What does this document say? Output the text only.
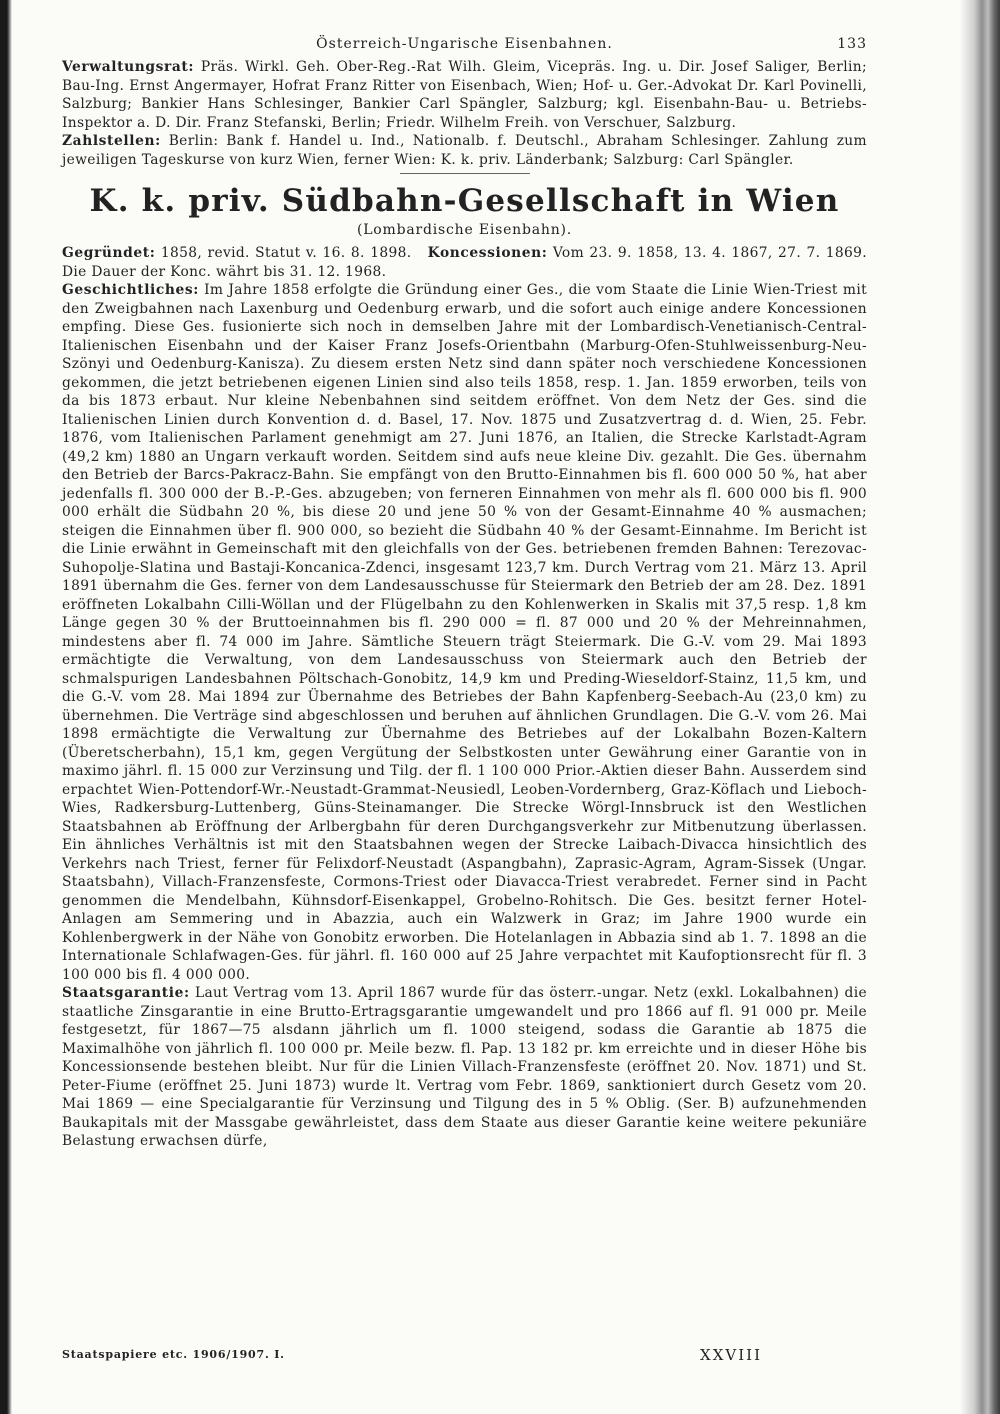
Österreich-Ungarische Eisenbahnen.	133

Verwaltungsrat: Präs. Wirkl. Geh. Ober-Reg.-Rat Wilh. Gleim, Vicepräs. Ing. u. Dir. Josef Saliger, Berlin; Bau-Ing. Ernst Angermayer, Hofrat Franz Ritter von Eisenbach, Wien; Hof- u. Ger.-Advokat Dr. Karl Povinelli, Salzburg; Bankier Hans Schlesinger, Bankier Carl Spängler, Salzburg; kgl. Eisenbahn-Bau- u. Betriebs-Inspektor a. D. Dir. Franz Stefanski, Berlin; Friedr. Wilhelm Freih. von Verschuer, Salzburg.

Zahlstellen: Berlin: Bank f. Handel u. Ind., Nationalb. f. Deutschl., Abraham Schlesinger. Zahlung zum jeweiligen Tageskurse von kurz Wien, ferner Wien: K. k. priv. Länderbank; Salzburg: Carl Spängler.

K. k. priv. Südbahn-Gesellschaft in Wien
(Lombardische Eisenbahn).

Gegründet: 1858, revid. Statut v. 16. 8. 1898. Koncessionen: Vom 23. 9. 1858, 13. 4. 1867, 27. 7. 1869. Die Dauer der Konc. währt bis 31. 12. 1968.

Geschichtliches: Im Jahre 1858 erfolgte die Gründung einer Ges., die vom Staate die Linie Wien-Triest mit den Zweigbahnen nach Laxenburg und Oedenburg erwarb, und die sofort auch einige andere Koncessionen empfing. Diese Ges. fusionierte sich noch in demselben Jahre mit der Lombardisch-Venetianisch-Central-Italienischen Eisenbahn und der Kaiser Franz Josefs-Orientbahn (Marburg-Ofen-Stuhlweissenburg-Neu-Szönyi und Oedenburg-Kanisza). Zu diesem ersten Netz sind dann später noch verschiedene Koncessionen gekommen, die jetzt betriebenen eigenen Linien sind also teils 1858, resp. 1. Jan. 1859 erworben, teils von da bis 1873 erbaut. Nur kleine Nebenbahnen sind seitdem eröffnet. Von dem Netz der Ges. sind die Italienischen Linien durch Konvention d. d. Basel, 17. Nov. 1875 und Zusatzvertrag d. d. Wien, 25. Febr. 1876, vom Italienischen Parlament genehmigt am 27. Juni 1876, an Italien, die Strecke Karlstadt-Agram (49,2 km) 1880 an Ungarn verkauft worden. Seitdem sind aufs neue kleine Div. gezahlt. Die Ges. übernahm den Betrieb der Barcs-Pakracz-Bahn. Sie empfängt von den Brutto-Einnahmen bis fl. 600 000 50 %, hat aber jedenfalls fl. 300 000 der B.-P.-Ges. abzugeben; von ferneren Einnahmen von mehr als fl. 600 000 bis fl. 900 000 erhält die Südbahn 20 %, bis diese 20 und jene 50 % von der Gesamt-Einnahme 40 % ausmachen; steigen die Einnahmen über fl. 900 000, so bezieht die Südbahn 40 % der Gesamt-Einnahme. Im Bericht ist die Linie erwähnt in Gemeinschaft mit den gleichfalls von der Ges. betriebenen fremden Bahnen: Terezovac-Suhopolje-Slatina und Bastaji-Koncanica-Zdenci, insgesamt 123,7 km. Durch Vertrag vom 21. März 13. April 1891 übernahm die Ges. ferner von dem Landesausschusse für Steiermark den Betrieb der am 28. Dez. 1891 eröffneten Lokalbahn Cilli-Wöllan und der Flügelbahn zu den Kohlenwerken in Skalis mit 37,5 resp. 1,8 km Länge gegen 30 % der Bruttoeinnahmen bis fl. 290 000 = fl. 87 000 und 20 % der Mehreinnahmen, mindestens aber fl. 74 000 im Jahre. Sämtliche Steuern trägt Steiermark. Die G.-V. vom 29. Mai 1893 ermächtigte die Verwaltung, von dem Landesausschuss von Steiermark auch den Betrieb der schmalspurigen Landesbahnen Pöltschach-Gonobitz, 14,9 km und Preding-Wieseldorf-Stainz, 11,5 km, und die G.-V. vom 28. Mai 1894 zur Übernahme des Betriebes der Bahn Kapfenberg-Seebach-Au (23,0 km) zu übernehmen. Die Verträge sind abgeschlossen und beruhen auf ähnlichen Grundlagen. Die G.-V. vom 26. Mai 1898 ermächtigte die Verwaltung zur Übernahme des Betriebes auf der Lokalbahn Bozen-Kaltern (Überetscherbahn), 15,1 km, gegen Vergütung der Selbstkosten unter Gewährung einer Garantie von in maximo jährl. fl. 15 000 zur Verzinsung und Tilg. der fl. 1 100 000 Prior.-Aktien dieser Bahn. Ausserdem sind erpachtet Wien-Pottendorf-Wr.-Neustadt-Grammat-Neusiedl, Leoben-Vordernberg, Graz-Köflach und Lieboch-Wies, Radkersburg-Luttenberg, Güns-Steinamanger. Die Strecke Wörgl-Innsbruck ist den Westlichen Staatsbahnen ab Eröffnung der Arlbergbahn für deren Durchgangsverkehr zur Mitbenutzung überlassen. Ein ähnliches Verhältnis ist mit den Staatsbahnen wegen der Strecke Laibach-Divacca hinsichtlich des Verkehrs nach Triest, ferner für Felixdorf-Neustadt (Aspangbahn), Zaprasic-Agram, Agram-Sissek (Ungar. Staatsbahn), Villach-Franzensfeste, Cormons-Triest oder Diavacca-Triest verabredet. Ferner sind in Pacht genommen die Mendelbahn, Kühnsdorf-Eisenkappel, Grobelno-Rohitsch. Die Ges. besitzt ferner Hotel-Anlagen am Semmering und in Abazzia, auch ein Walzwerk in Graz; im Jahre 1900 wurde ein Kohlenbergwerk in der Nähe von Gonobitz erworben. Die Hotelanlagen in Abbazia sind ab 1. 7. 1898 an die Internationale Schlafwagen-Ges. für jährl. fl. 160 000 auf 25 Jahre verpachtet mit Kaufoptionsrecht für fl. 3 100 000 bis fl. 4 000 000.

Staatsgarantie: Laut Vertrag vom 13. April 1867 wurde für das österr.-ungar. Netz (exkl. Lokalbahnen) die staatliche Zinsgarantie in eine Brutto-Ertragsgarantie umgewandelt und pro 1866 auf fl. 91 000 pr. Meile festgesetzt, für 1867—75 alsdann jährlich um fl. 1000 steigend, sodass die Garantie ab 1875 die Maximalhöhe von jährlich fl. 100 000 pr. Meile bezw. fl. Pap. 13 182 pr. km erreichte und in dieser Höhe bis Koncessionsende bestehen bleibt. Nur für die Linien Villach-Franzensfeste (eröffnet 20. Nov. 1871) und St. Peter-Fiume (eröffnet 25. Juni 1873) wurde lt. Vertrag vom Febr. 1869, sanktioniert durch Gesetz vom 20. Mai 1869 — eine Specialgarantie für Verzinsung und Tilgung des in 5 % Oblig. (Ser. B) aufzunehmenden Baukapitals mit der Massgabe gewährleistet, dass dem Staate aus dieser Garantie keine weitere pekuniäre Belastung erwachsen dürfe,

Staatspapiere etc. 1906/1907. I.	XXVIII
